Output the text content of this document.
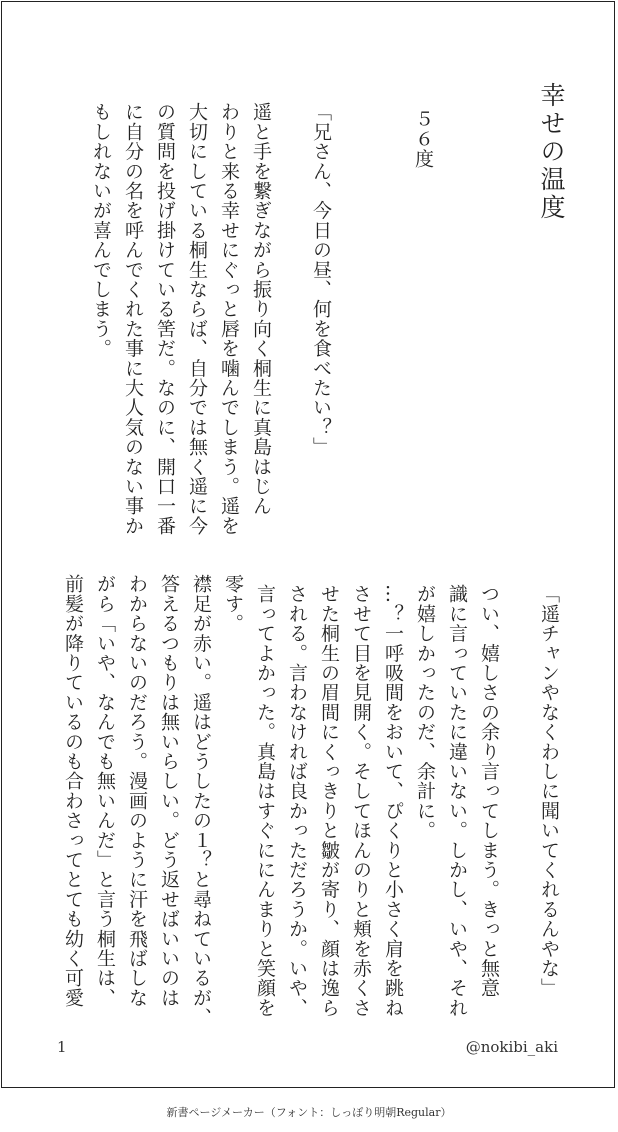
幸せの温度
５６度
「兄さん、今日の昼、何を食べたい？」
遥と手を繋ぎながら振り向く桐生に真島はじん
わりと来る幸せにぐっと唇を噛んでしまう。遥を
大切にしている桐生ならば、自分では無く遥に今
の質問を投げ掛けている筈だ。なのに、開口一番
に自分の名を呼んでくれた事に大人気のない事か
もしれないが喜んでしまう。
「遥チャンやなくわしに聞いてくれるんやな」
つい、嬉しさの余り言ってしまう。きっと無意
識に言っていたに違いない。しかし、いや、それ
が嬉しかったのだ、余計に。
…？一呼吸間をおいて、ぴくりと小さく肩を跳ね
させて目を見開く。そしてほんのりと頬を赤くさ
せた桐生の眉間にくっきりと皺が寄り、顔は逸ら
される。言わなければ良かっただろうか。いや、
言ってよかった。真島はすぐににんまりと笑顔を
零す。
襟足が赤い。遥はどうしたの１？と尋ねているが、
答えるつもりは無いらしい。どう返せばいいのは
わからないのだろう。漫画のように汗を飛ばしな
がら「いや、なんでも無いんだ」と言う桐生は、
前髪が降りているのも合わさってとても幼く可愛
1	@nokibi_aki
新書ページメーカー（フォント：しっぽり明朝Regular）
